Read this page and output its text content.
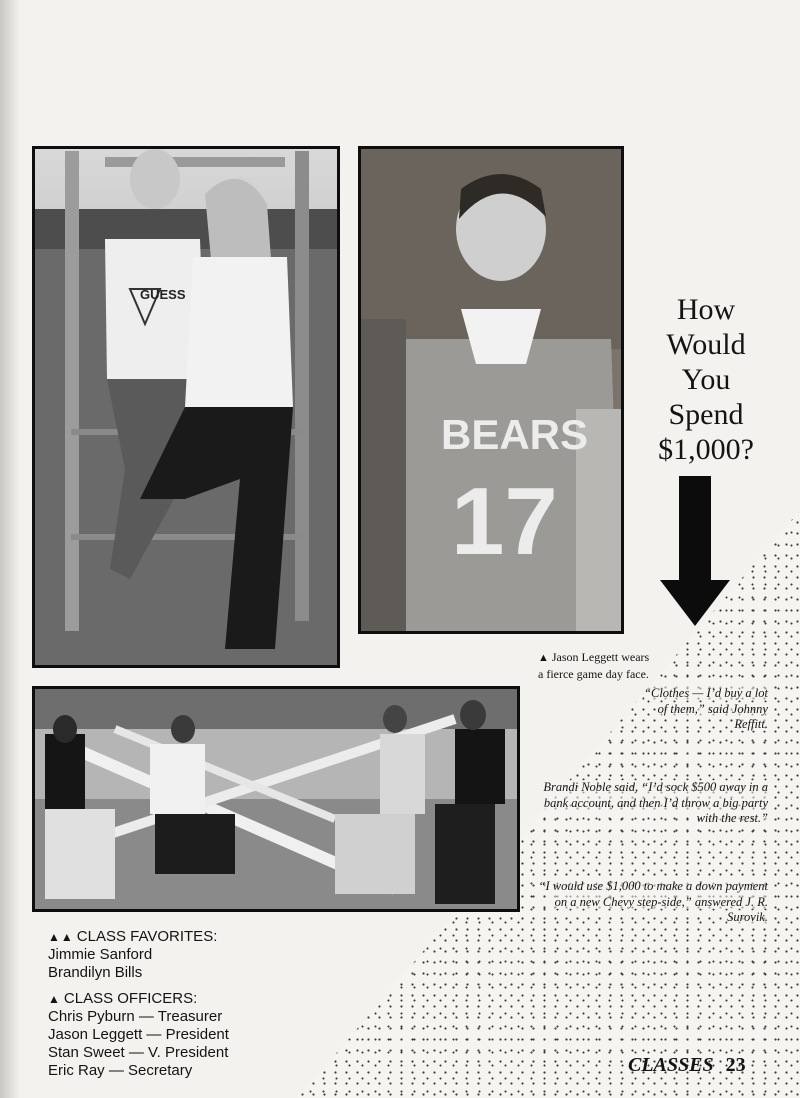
GUESS
BEARS
17
How
Would
You
Spend
$1,000?
▲ Jason Leggett wears a fierce game day face.
“Clothes — I’d buy a lot of them,” said Johnny Reffitt.
Brandi Noble said, “I’d sock $500 away in a bank account, and then I’d throw a big party with the rest.”
“I would use $1,000 to make a down payment on a new Chevy step-side,” answered J. R. Surovik.
▲▲ CLASS FAVORITES:
Jimmie Sanford
Brandilyn Bills
▲ CLASS OFFICERS:
Chris Pyburn — Treasurer
Jason Leggett — President
Stan Sweet — V. President
Eric Ray — Secretary	CLASSES 23
